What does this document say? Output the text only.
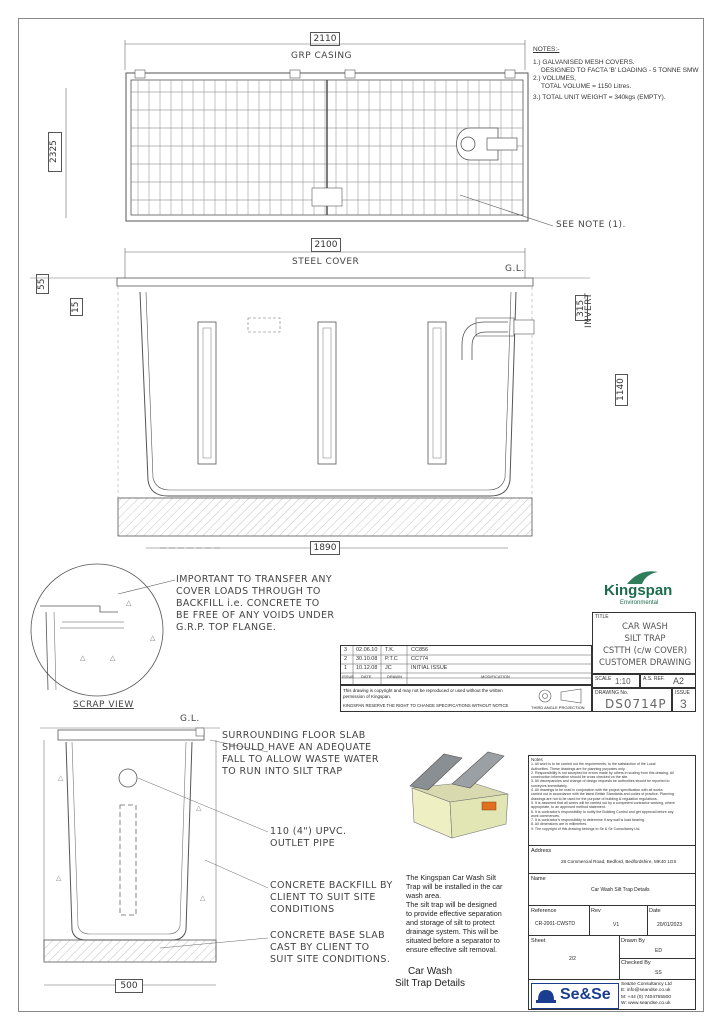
2110
2325

GRP CASING

SEE NOTE (1).

NOTES:-
1.) GALVANISED MESH COVERS.
DESIGNED TO FACTA 'B' LOADING - 5 TONNE SMW
2.) VOLUMES,
TOTAL VOLUME = 1150 Litres.
3.) TOTAL UNIT WEIGHT = 340kgs (EMPTY).
2100

STEEL COVER

G.L.

55
15	315

INVERT

1140
1890
△
△
△
△
IMPORTANT TO TRANSFER ANY
COVER LOADS THROUGH TO
BACKFILL i.e. CONCRETE TO
BE FREE OF ANY VOIDS UNDER
G.R.P. TOP FLANGE.

SCRAP VIEW

Kingspan
Environmental
TITLE
CAR WASH
SILT TRAP
CSTTH (c/w COVER)
CUSTOMER DRAWING
SCALE 1:10 A.S. REF. A2
DRAWING No.
DS0714P
ISSUE
3
3 02.06.10 T.K.	CC856
2 30.10.08 P.T.C CC774
1 10.12.08 JC	INITIAL ISSUE
ISSUE DATE	DRAWN	MODIFICATION
This drawing is copyright and may not be reproduced or used without the written permission of Kingspan.
KINGSPAN RESERVE THE RIGHT TO CHANGE SPECIFICATIONS WITHOUT NOTICE	THIRD ANGLE PROJECTION

G.L.

△
△
△
△
SURROUNDING FLOOR SLAB
SHOULD HAVE AN ADEQUATE
FALL TO ALLOW WASTE WATER
TO RUN INTO SILT TRAP
110 (4") UPVC.
OUTLET PIPE
CONCRETE BACKFILL BY
CLIENT TO SUIT SITE
CONDITIONS
CONCRETE BASE SLAB
CAST BY CLIENT TO
SUIT SITE CONDITIONS.
500
The Kingspan Car Wash Silt
Trap will be installed in the car
wash area.
The silt trap will be designed
to provide effective separation
and storage of silt to protect
drainage system. This will be
situated before a separator to
ensure effective silt removal.
Car Wash
Silt Trap Details
Notes
1. All work is to be carried out the requirements, to the satisfaction of the Local
Authorities. These drawings are for planning purposes only.
2. Responsibility is not accepted for errors made by others in scaling from this drawing. All
construction information should be cross checked on the site.
3. All discrepancies and change of design requests be authorities should be reported to
surveyors immediately.
4. All drawings to be read in conjunction with the project specification with all works
carried out in accordance with the latest British Standards and codes of practice. Planning
drawings are not to be used for the purpose of building & regulation regulations.
5. It is assumed that all works will be carried out by a competent contractor working, where
appropriate, to an approved method statement.
6. It is contractor's responsibility to notify the Building Control and get approval before any
work commences.
7. It is contractor's responsibility to determine if any wall is load bearing.
8. All dimensions are in millimetres.
9. The copyright of this drawing belongs to Se & Se Consultancy Ltd.
Address
28 Commercial Road, Bedford, Bedfordshire, MK40 1GS
Name
Car Wash Silt Trap Details
Reference
CR-2001-CWSTD
Rev
V1
Date
20/01/2023
Sheet
2/2
Drawn By
ED
Checked By
SS
Se&Se
Se&Se Consultancy Ltd
E: info@seandse.co.uk
M: +44 (0) 7404765500
W: www.seandse.co.uk
